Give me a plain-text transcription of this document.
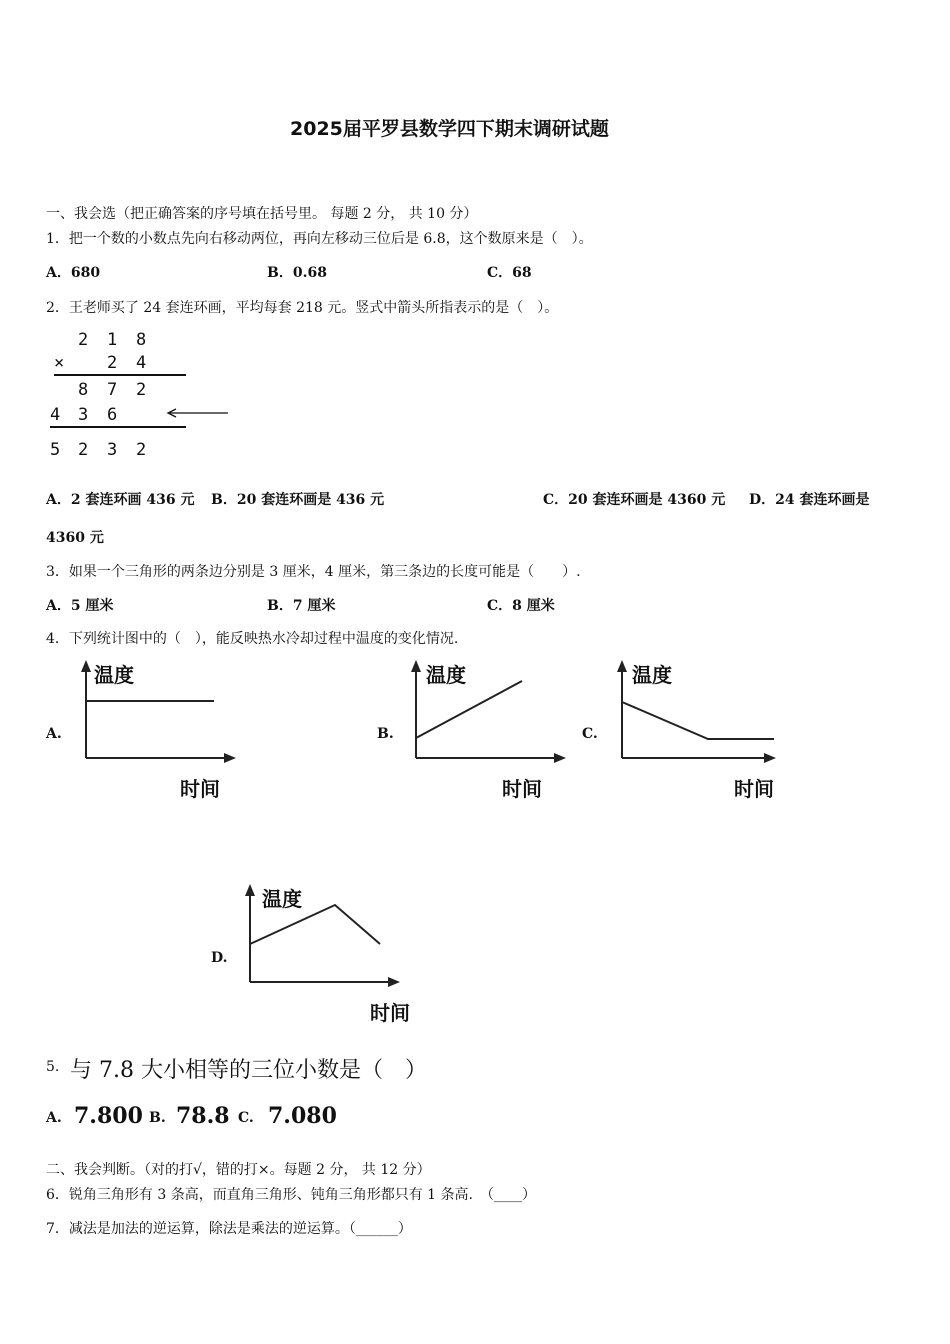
2025届平罗县数学四下期末调研试题
一、我会选（把正确答案的序号填在括号里。 每题 2 分， 共 10 分）
1．把一个数的小数点先向右移动两位，再向左移动三位后是 6.8，这个数原来是（　）。
A．680	B．0.68	C．68
2．王老师买了 24 套连环画，平均每套 218 元。竖式中箭头所指表示的是（　）。
2 1 8
×	2 4
8 7 2
4 3 6
5 2 3 2
A．2 套连环画 436 元 B．20 套连环画是 436 元	C．20 套连环画是 4360 元 D．24 套连环画是
4360 元
3．如果一个三角形的两条边分别是 3 厘米，4 厘米，第三条边的长度可能是（　　）.
A．5 厘米	B．7 厘米	C．8 厘米
4．下列统计图中的（　），能反映热水冷却过程中温度的变化情况.
A.
温度
时间
B.
温度
时间
C.
温度
时间
D.
温度
时间
5. 与 7.8 大小相等的三位小数是（　）
A. 7.800 B. 78.8 C. 7.080
二、我会判断。（对的打√，错的打×。每题 2 分， 共 12 分）
6．锐角三角形有 3 条高，而直角三角形、钝角三角形都只有 1 条高.　（____）
7．减法是加法的逆运算，除法是乘法的逆运算。（______）
